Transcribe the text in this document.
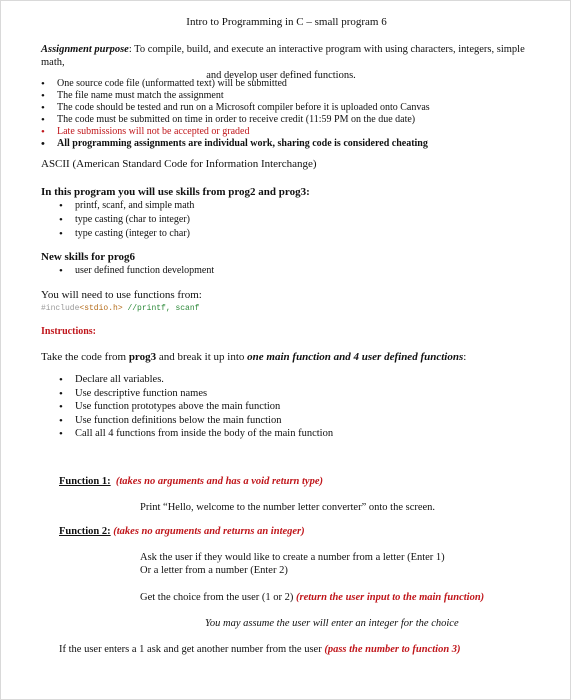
Intro to Programming in C – small program 6
Assignment purpose: To compile, build, and execute an interactive program with using characters, integers, simple math,
and develop user defined functions.
• One source code file (unformatted text) will be submitted
• The file name must match the assignment
• The code should be tested and run on a Microsoft compiler before it is uploaded onto Canvas
• The code must be submitted on time in order to receive credit (11:59 PM on the due date)
• Late submissions will not be accepted or graded
• All programming assignments are individual work, sharing code is considered cheating
ASCII (American Standard Code for Information Interchange)
In this program you will use skills from prog2 and prog3:
• printf, scanf, and simple math
• type casting (char to integer)
• type casting (integer to char)
New skills for prog6
• user defined function development
You will need to use functions from:
#include<stdio.h> //printf, scanf
Instructions:
Take the code from prog3 and break it up into one main function and 4 user defined functions:
• Declare all variables.
• Use descriptive function names
• Use function prototypes above the main function
• Use function definitions below the main function
• Call all 4 functions from inside the body of the main function
Function 1: (takes no arguments and has a void return type)
Print “Hello, welcome to the number letter converter” onto the screen.
Function 2: (takes no arguments and returns an integer)
Ask the user if they would like to create a number from a letter (Enter 1)
Or a letter from a number (Enter 2)
Get the choice from the user (1 or 2) (return the user input to the main function)
You may assume the user will enter an integer for the choice
If the user enters a 1 ask and get another number from the user (pass the number to function 3)
